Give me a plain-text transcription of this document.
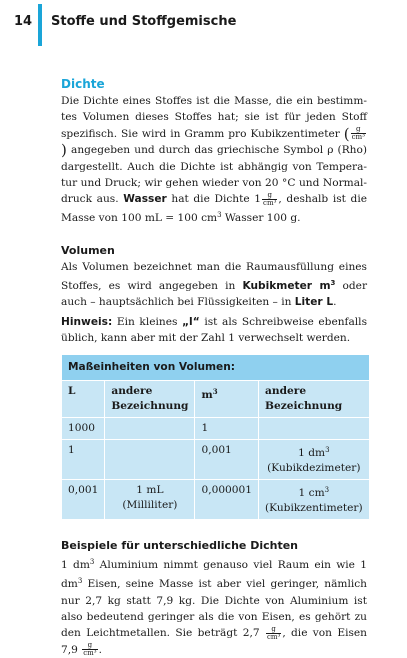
14 Stoffe und Stoffgemische
Dichte

Die Dichte eines Stoffes ist die Masse, die ein bestimmtes Volumen dieses Stoffes hat; sie ist für jeden Stoff spezifisch. Sie wird in Gramm pro Kubikzentimeter ( $\frac{g}{\text{cm³}}$
) angegeben und durch das griechische Symbol ρ (Rho) dargestellt. Auch die Dichte ist abhängig von Temperatur und Druck; wir gehen wieder von 20 °C und Normaldruck aus. Wasser hat die Dichte $1 \frac{g}{\text{cm³}}$ , deshalb ist die Masse von 100 mL = 100 $cm^3$ Wasser 100 g.

Volumen

Als Volumen bezeichnet man die Raumausfüllung eines Stoffes, es wird angegeben in Kubikmeter $m^3$ oder auch – hauptsächlich bei Flüssigkeiten – in Liter L.

Hinweis: Ein kleines „l“ ist als Schreibweise ebenfalls üblich, kann aber mit der Zahl 1 verwechselt werden.

Maßeinheiten von Volumen:			
L	andere Bezeichnung	$m^3$	andere Bezeichnung
1000		1	
1		0,001	1 $dm^3$
(Kubikdezimeter)
0,001	1 mL
(Milliliter)	0,000001	1 $cm^3$
(Kubikzentimeter)
Beispiele für unterschiedliche Dichten

1 $dm^3$ Aluminium nimmt genauso viel Raum ein wie 1 $dm^3$ Eisen, seine Masse ist aber viel geringer, nämlich nur 2,7 kg statt 7,9 kg. Die Dichte von Aluminium ist also bedeutend geringer als die von Eisen, es gehört zu den Leichtmetallen. Sie beträgt $2,7 \frac{g}{\text{cm³}}$ , die von Eisen $7,9 \frac{g}{\text{cm³}}$ .
